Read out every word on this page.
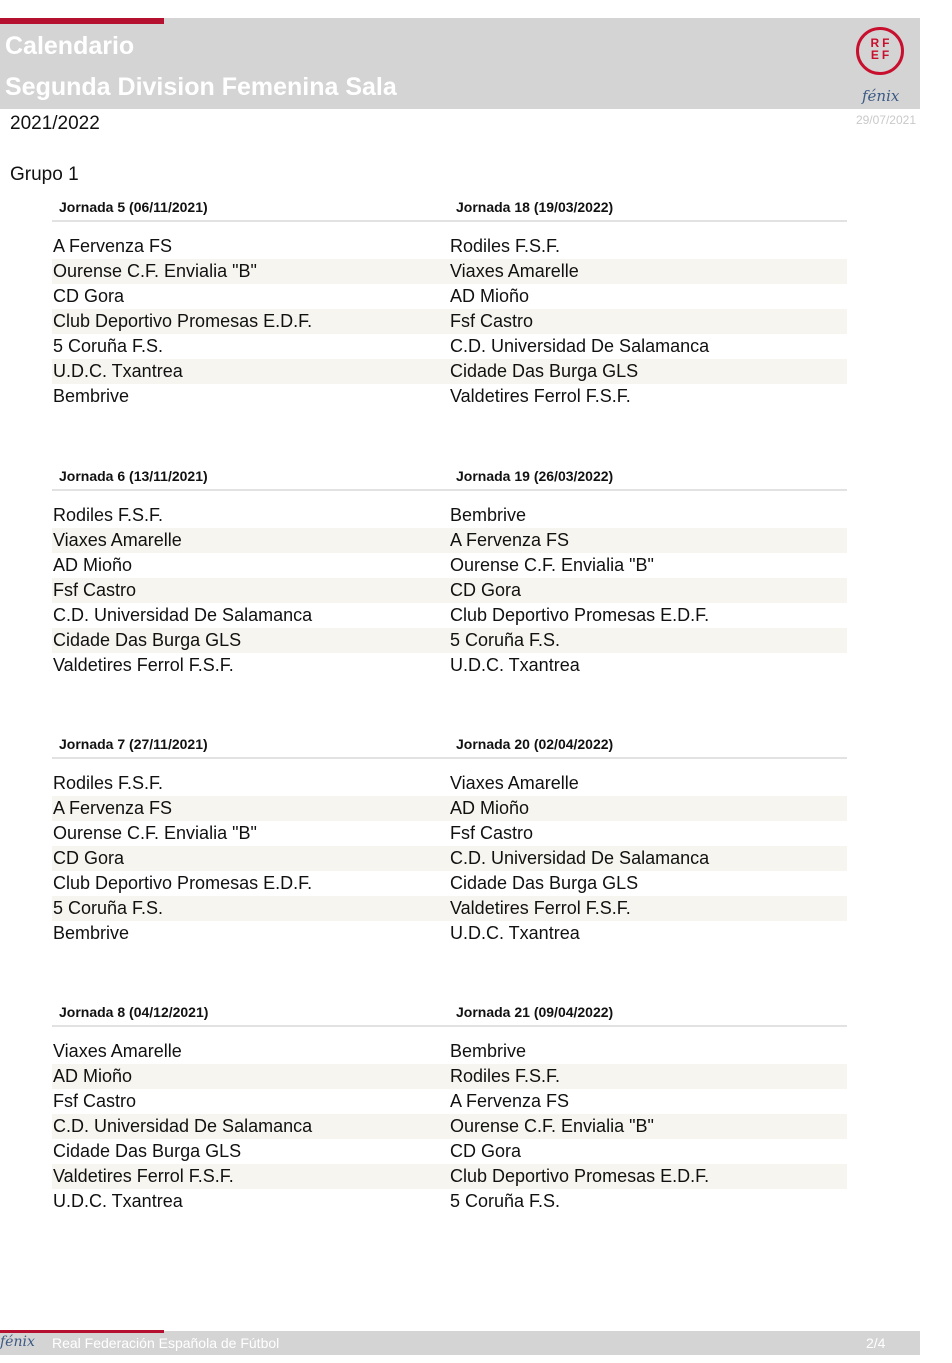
Calendario
Segunda Division Femenina Sala
RF
EF
fénix
2021/2022	29/07/2021
Grupo 1
Jornada 5 (06/11/2021)
A Fervenza FS
Ourense C.F. Envialia "B"
CD Gora
Club Deportivo Promesas E.D.F.
5 Coruña F.S.
U.D.C. Txantrea
Bembrive
Jornada 18 (19/03/2022)
Rodiles F.S.F.
Viaxes Amarelle
AD Mioño
Fsf Castro
C.D. Universidad De Salamanca
Cidade Das Burga GLS
Valdetires Ferrol F.S.F.
Jornada 6 (13/11/2021)
Rodiles F.S.F.
Viaxes Amarelle
AD Mioño
Fsf Castro
C.D. Universidad De Salamanca
Cidade Das Burga GLS
Valdetires Ferrol F.S.F.
Jornada 19 (26/03/2022)
Bembrive
A Fervenza FS
Ourense C.F. Envialia "B"
CD Gora
Club Deportivo Promesas E.D.F.
5 Coruña F.S.
U.D.C. Txantrea
Jornada 7 (27/11/2021)
Rodiles F.S.F.
A Fervenza FS
Ourense C.F. Envialia "B"
CD Gora
Club Deportivo Promesas E.D.F.
5 Coruña F.S.
Bembrive
Jornada 20 (02/04/2022)
Viaxes Amarelle
AD Mioño
Fsf Castro
C.D. Universidad De Salamanca
Cidade Das Burga GLS
Valdetires Ferrol F.S.F.
U.D.C. Txantrea
Jornada 8 (04/12/2021)
Viaxes Amarelle
AD Mioño
Fsf Castro
C.D. Universidad De Salamanca
Cidade Das Burga GLS
Valdetires Ferrol F.S.F.
U.D.C. Txantrea
Jornada 21 (09/04/2022)
Bembrive
Rodiles F.S.F.
A Fervenza FS
Ourense C.F. Envialia "B"
CD Gora
Club Deportivo Promesas E.D.F.
5 Coruña F.S.
fénix Real Federación Española de Fútbol	2/4
